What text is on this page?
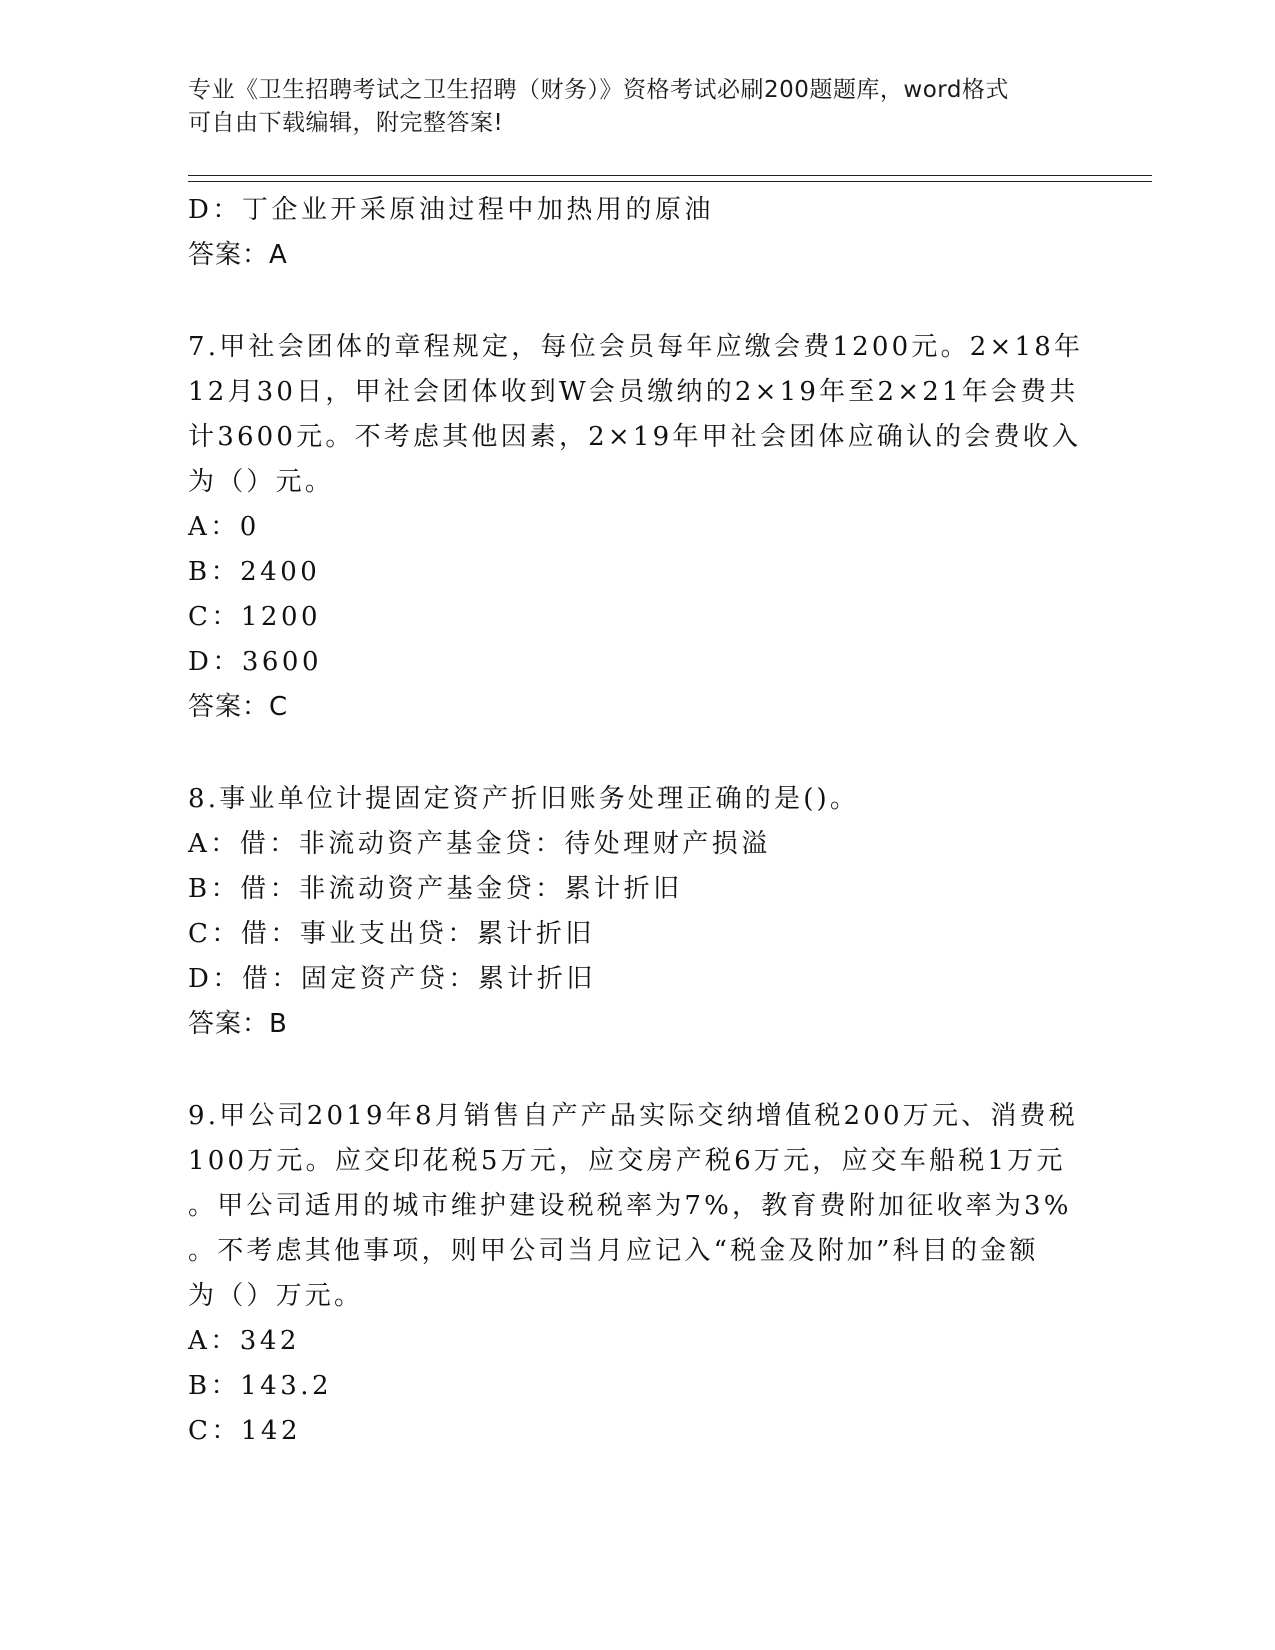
专业《卫生招聘考试之卫生招聘（财务）》资格考试必刷200题题库，word格式
可自由下载编辑，附完整答案!
D：丁企业开采原油过程中加热用的原油
答案：A
7.甲社会团体的章程规定，每位会员每年应缴会费1200元。2×18年
12月30日，甲社会团体收到W会员缴纳的2×19年至2×21年会费共
计3600元。不考虑其他因素，2×19年甲社会团体应确认的会费收入
为（）元。
A：0
B：2400
C：1200
D：3600
答案：C
8.事业单位计提固定资产折旧账务处理正确的是()。
A：借：非流动资产基金贷：待处理财产损溢
B：借：非流动资产基金贷：累计折旧
C：借：事业支出贷：累计折旧
D：借：固定资产贷：累计折旧
答案：B
9.甲公司2019年8月销售自产产品实际交纳增值税200万元、消费税
100万元。应交印花税5万元，应交房产税6万元，应交车船税1万元
。甲公司适用的城市维护建设税税率为7%，教育费附加征收率为3%
。不考虑其他事项，则甲公司当月应记入“税金及附加”科目的金额
为（）万元。
A：342
B：143.2
C：142
